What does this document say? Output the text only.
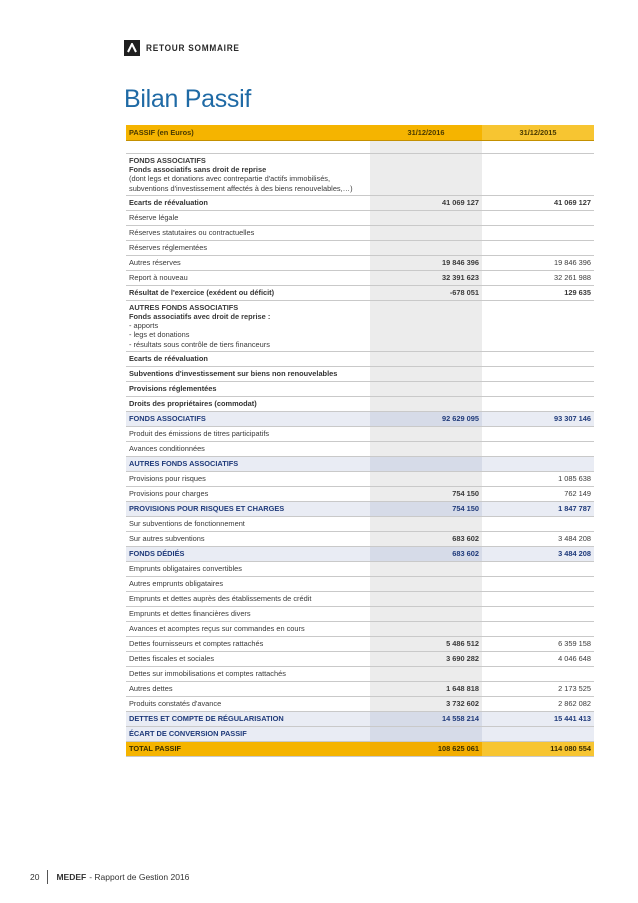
RETOUR SOMMAIRE
Bilan Passif
PASSIF (en Euros)	31/12/2016	31/12/2015

FONDS ASSOCIATIFS
Fonds associatifs sans droit de reprise
(dont legs et donations avec contrepartie d'actifs immobilisés,
subventions d'investissement affectés à des biens renouvelables,…)		

Ecarts de réévaluation	41 069 127	41 069 127
Réserve légale		
Réserves statutaires ou contractuelles		
Réserves réglementées		
Autres réserves	19 846 396	19 846 396
Report à nouveau	32 391 623	32 261 988
Résultat de l'exercice (exédent ou déficit)	-678 051	129 635

AUTRES FONDS ASSOCIATIFS
Fonds associatifs avec droit de reprise :
- apports
- legs et donations
- résultats sous contrôle de tiers financeurs		

Ecarts de réévaluation		
Subventions d'investissement sur biens non renouvelables		
Provisions réglementées		
Droits des propriétaires (commodat)		
FONDS ASSOCIATIFS	92 629 095	93 307 146
Produit des émissions de titres participatifs		
Avances conditionnées		
AUTRES FONDS ASSOCIATIFS		
Provisions pour risques		1 085 638
Provisions pour charges	754 150	762 149
PROVISIONS POUR RISQUES ET CHARGES	754 150	1 847 787
Sur subventions de fonctionnement		
Sur autres subventions	683 602	3 484 208
FONDS DÉDIÉS	683 602	3 484 208
Emprunts obligataires convertibles		
Autres emprunts obligataires		
Emprunts et dettes auprès des établissements de crédit		
Emprunts et dettes financières divers		
Avances et acomptes reçus sur commandes en cours		
Dettes fournisseurs et comptes rattachés	5 486 512	6 359 158
Dettes fiscales et sociales	3 690 282	4 046 648
Dettes sur immobilisations et comptes rattachés		
Autres dettes	1 648 818	2 173 525
Produits constatés d'avance	3 732 602	2 862 082
DETTES ET COMPTE DE RÉGULARISATION	14 558 214	15 441 413
ÉCART DE CONVERSION PASSIF		
TOTAL PASSIF	108 625 061	114 080 554
20 MEDEF - Rapport de Gestion 2016
